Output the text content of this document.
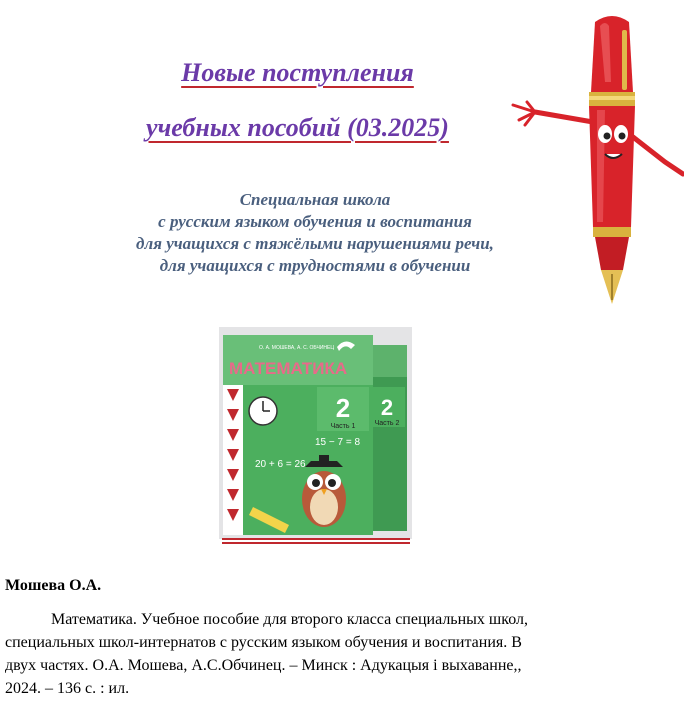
Новые поступления
учебных пособий (03.2025)
Специальная школа
с русским языком обучения и воспитания
для учащихся с тяжёлыми нарушениями речи,
для учащихся с трудностями в обучении
2
Часть 2
О. А. МОШЕВА, А. С. ОБЧИНЕЦ
МАТЕМАТИКА
2
Часть 1
15 − 7 = 8
20 + 6 = 26
Мошева О.А.
Математика. Учебное пособие для второго класса специальных школ,
специальных школ-интернатов с русским языком обучения и воспитания. В
двух частях. О.А. Мошева, А.С.Обчинец. – Минск : Адукацыя і выхаванне,,
2024. – 136 с. : ил.
